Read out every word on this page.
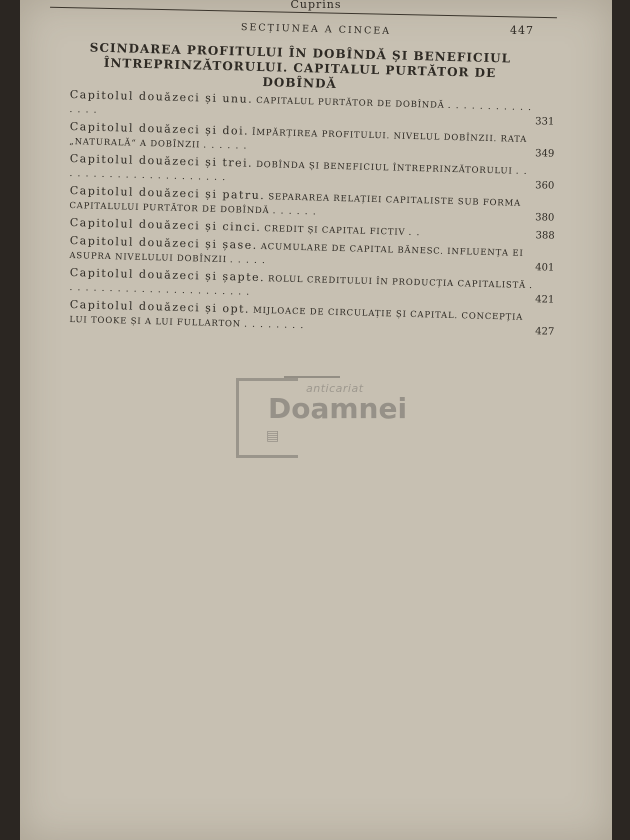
Cuprins
447
SECȚIUNEA A CINCEA
SCINDAREA PROFITULUI ÎN DOBÎNDĂ ȘI BENEFICIUL ÎNTREPRINZĂTORULUI. CAPITALUL PURTĂTOR DE DOBÎNDĂ
Capitolul douăzeci și unu. CAPITALUL PURTĂTOR DE DOBÎNDĂ . . . . . . . . . . . . . . .
331
Capitolul douăzeci și doi. ÎMPĂRȚIREA PROFITULUI. NIVELUL DOBÎNZII. RATA „NATURALĂ“ A DOBÎNZII . . . . . .
349
Capitolul douăzeci și trei. DOBÎNDA ȘI BENEFICIUL ÎNTREPRINZĂTORULUI . . . . . . . . . . . . . . . . . . . . . .
360
Capitolul douăzeci și patru. SEPARAREA RELAȚIEI CAPITALISTE SUB FORMA CAPITALULUI PURTĂTOR DE DOBÎNDĂ . . . . . .
380
Capitolul douăzeci și cinci. CREDIT ȘI CAPITAL FICTIV . .	388
Capitolul douăzeci și șase. ACUMULARE DE CAPITAL BĂNESC. INFLUENȚA EI ASUPRA NIVELULUI DOBÎNZII . . . . .
401
Capitolul douăzeci și șapte. ROLUL CREDITULUI ÎN PRODUCȚIA CAPITALISTĂ . . . . . . . . . . . . . . . . . . . . . . . .
421
Capitolul douăzeci și opt. MIJLOACE DE CIRCULAȚIE ȘI CAPITAL. CONCEPȚIA LUI TOOKE ȘI A LUI FULLARTON . . . . . . . .
427
anticariat
Doamnei
▤
